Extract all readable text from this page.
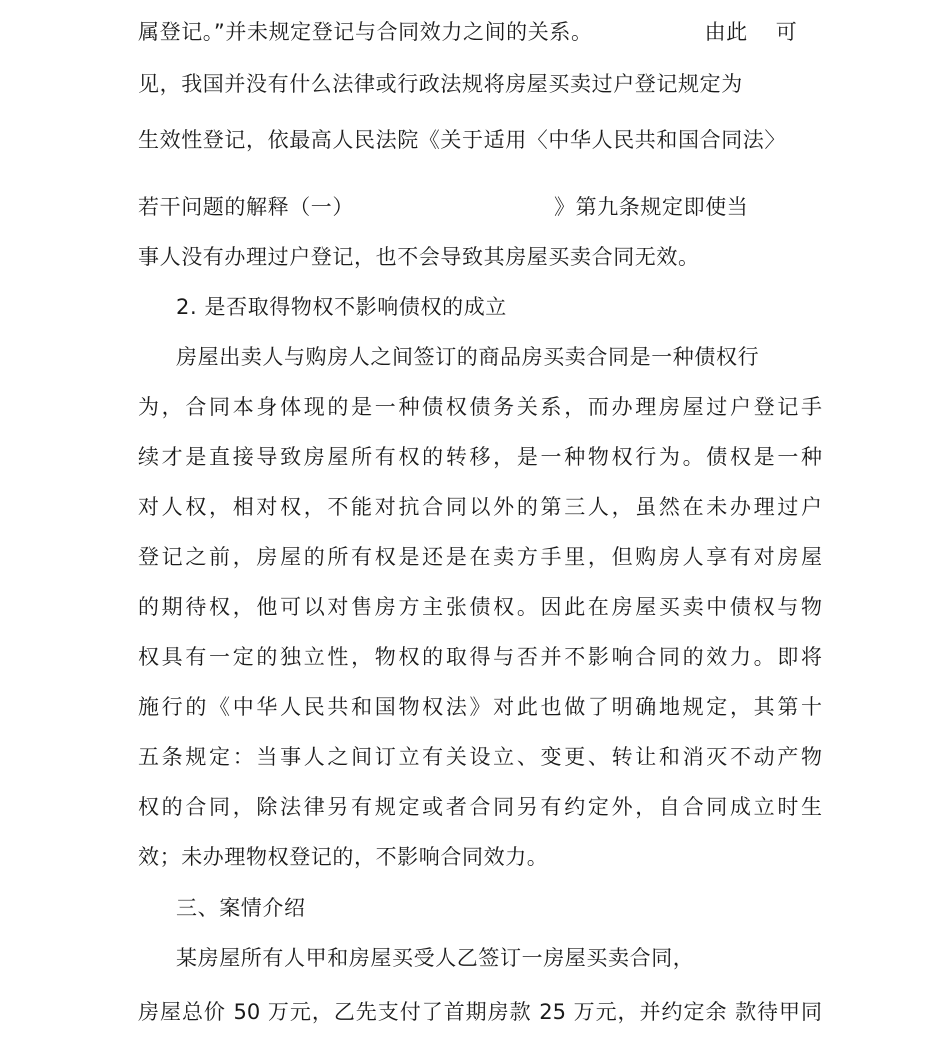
属登记。”并未规定登记与合同效力之间的关系。	由此 可
见，我国并没有什么法律或行政法规将房屋买卖过户登记规定为
生效性登记，依最高人民法院《关于适用〈中华人民共和国合同法〉
若干问题的解释（一）	》第九条规定即使当
事人没有办理过户登记，也不会导致其房屋买卖合同无效。
2. 是否取得物权不影响债权的成立
房屋出卖人与购房人之间签订的商品房买卖合同是一种债权行
为，合同本身体现的是一种债权债务关系，而办理房屋过户登记手
续才是直接导致房屋所有权的转移，是一种物权行为。债权是一种
对人权，相对权，不能对抗合同以外的第三人，虽然在未办理过户
登记之前，房屋的所有权是还是在卖方手里，但购房人享有对房屋
的期待权，他可以对售房方主张债权。因此在房屋买卖中债权与物
权具有一定的独立性，物权的取得与否并不影响合同的效力。即将
施行的《中华人民共和国物权法》对此也做了明确地规定，其第十
五条规定：当事人之间订立有关设立、变更、转让和消灭不动产物
权的合同，除法律另有规定或者合同另有约定外，自合同成立时生
效；未办理物权登记的，不影响合同效力。
三、案情介绍
某房屋所有人甲和房屋买受人乙签订一房屋买卖合同，
房屋总价 50 万元，乙先支付了首期房款 25 万元，并约定余 款待甲同
